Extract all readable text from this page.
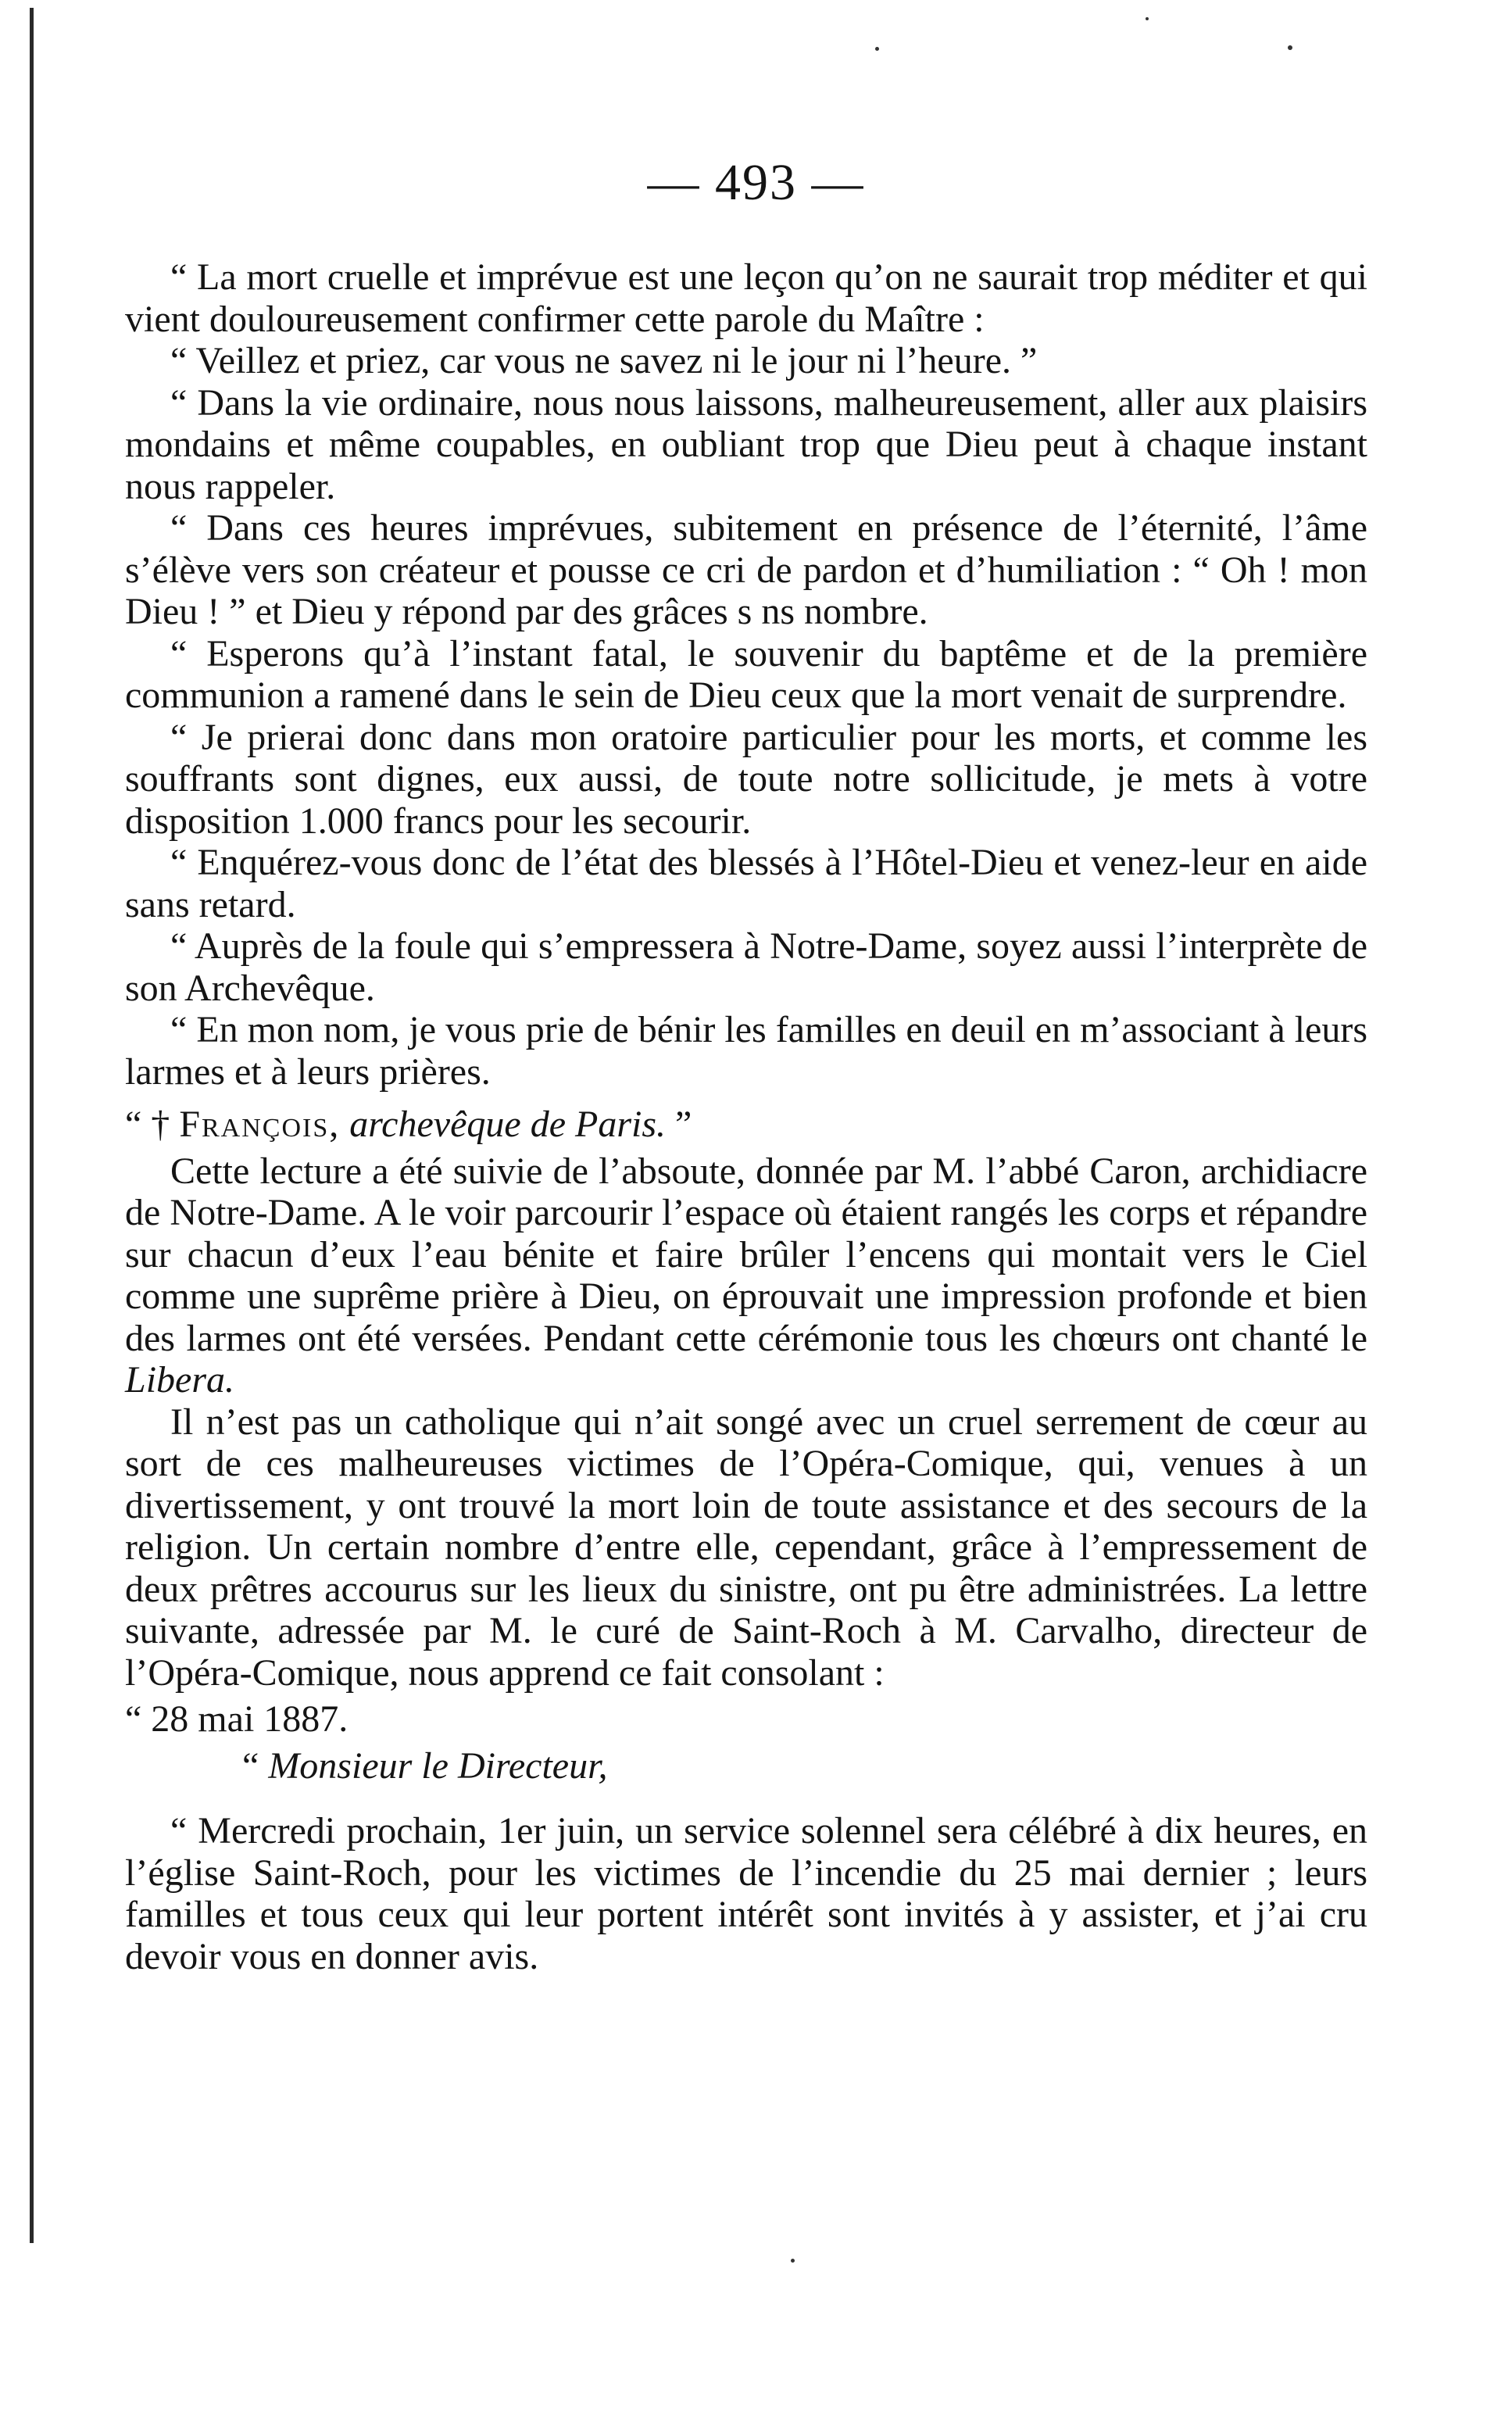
— 493 —

“ La mort cruelle et imprévue est une leçon qu’on ne saurait trop méditer et qui vient douloureusement confirmer cette parole du Maître :

“ Veillez et priez, car vous ne savez ni le jour ni l’heure. ”

“ Dans la vie ordinaire, nous nous laissons, malheureusement, aller aux plaisirs mondains et même coupables, en oubliant trop que Dieu peut à chaque instant nous rappeler.

“ Dans ces heures imprévues, subitement en présence de l’éternité, l’âme s’élève vers son créateur et pousse ce cri de pardon et d’humiliation : “ Oh ! mon Dieu ! ” et Dieu y répond par des grâces s ns nombre.

“ Esperons qu’à l’instant fatal, le souvenir du baptême et de la première communion a ramené dans le sein de Dieu ceux que la mort venait de surprendre.

“ Je prierai donc dans mon oratoire particulier pour les morts, et comme les souffrants sont dignes, eux aussi, de toute notre sollicitude, je mets à votre disposition 1.000 francs pour les secourir.

“ Enquérez-vous donc de l’état des blessés à l’Hôtel-Dieu et venez-leur en aide sans retard.

“ Auprès de la foule qui s’empressera à Notre-Dame, soyez aussi l’interprète de son Archevêque.

“ En mon nom, je vous prie de bénir les familles en deuil en m’associant à leurs larmes et à leurs prières.

“ † François, archevêque de Paris. ”

Cette lecture a été suivie de l’absoute, donnée par M. l’abbé Caron, archidiacre de Notre-Dame. A le voir parcourir l’espace où étaient rangés les corps et répandre sur chacun d’eux l’eau bénite et faire brûler l’encens qui montait vers le Ciel comme une suprême prière à Dieu, on éprouvait une impression profonde et bien des larmes ont été versées. Pendant cette cérémonie tous les chœurs ont chanté le Libera.

Il n’est pas un catholique qui n’ait songé avec un cruel serrement de cœur au sort de ces malheureuses victimes de l’Opéra-Comique, qui, venues à un divertissement, y ont trouvé la mort loin de toute assistance et des secours de la religion. Un certain nombre d’entre elle, cependant, grâce à l’empressement de deux prêtres accourus sur les lieux du sinistre, ont pu être administrées. La lettre suivante, adressée par M. le curé de Saint-Roch à M. Carvalho, directeur de l’Opéra-Comique, nous apprend ce fait consolant :

“ 28 mai 1887.

“ Monsieur le Directeur,

“ Mercredi prochain, 1er juin, un service solennel sera célébré à dix heures, en l’église Saint-Roch, pour les victimes de l’incendie du 25 mai dernier ; leurs familles et tous ceux qui leur portent intérêt sont invités à y assister, et j’ai cru devoir vous en donner avis.
